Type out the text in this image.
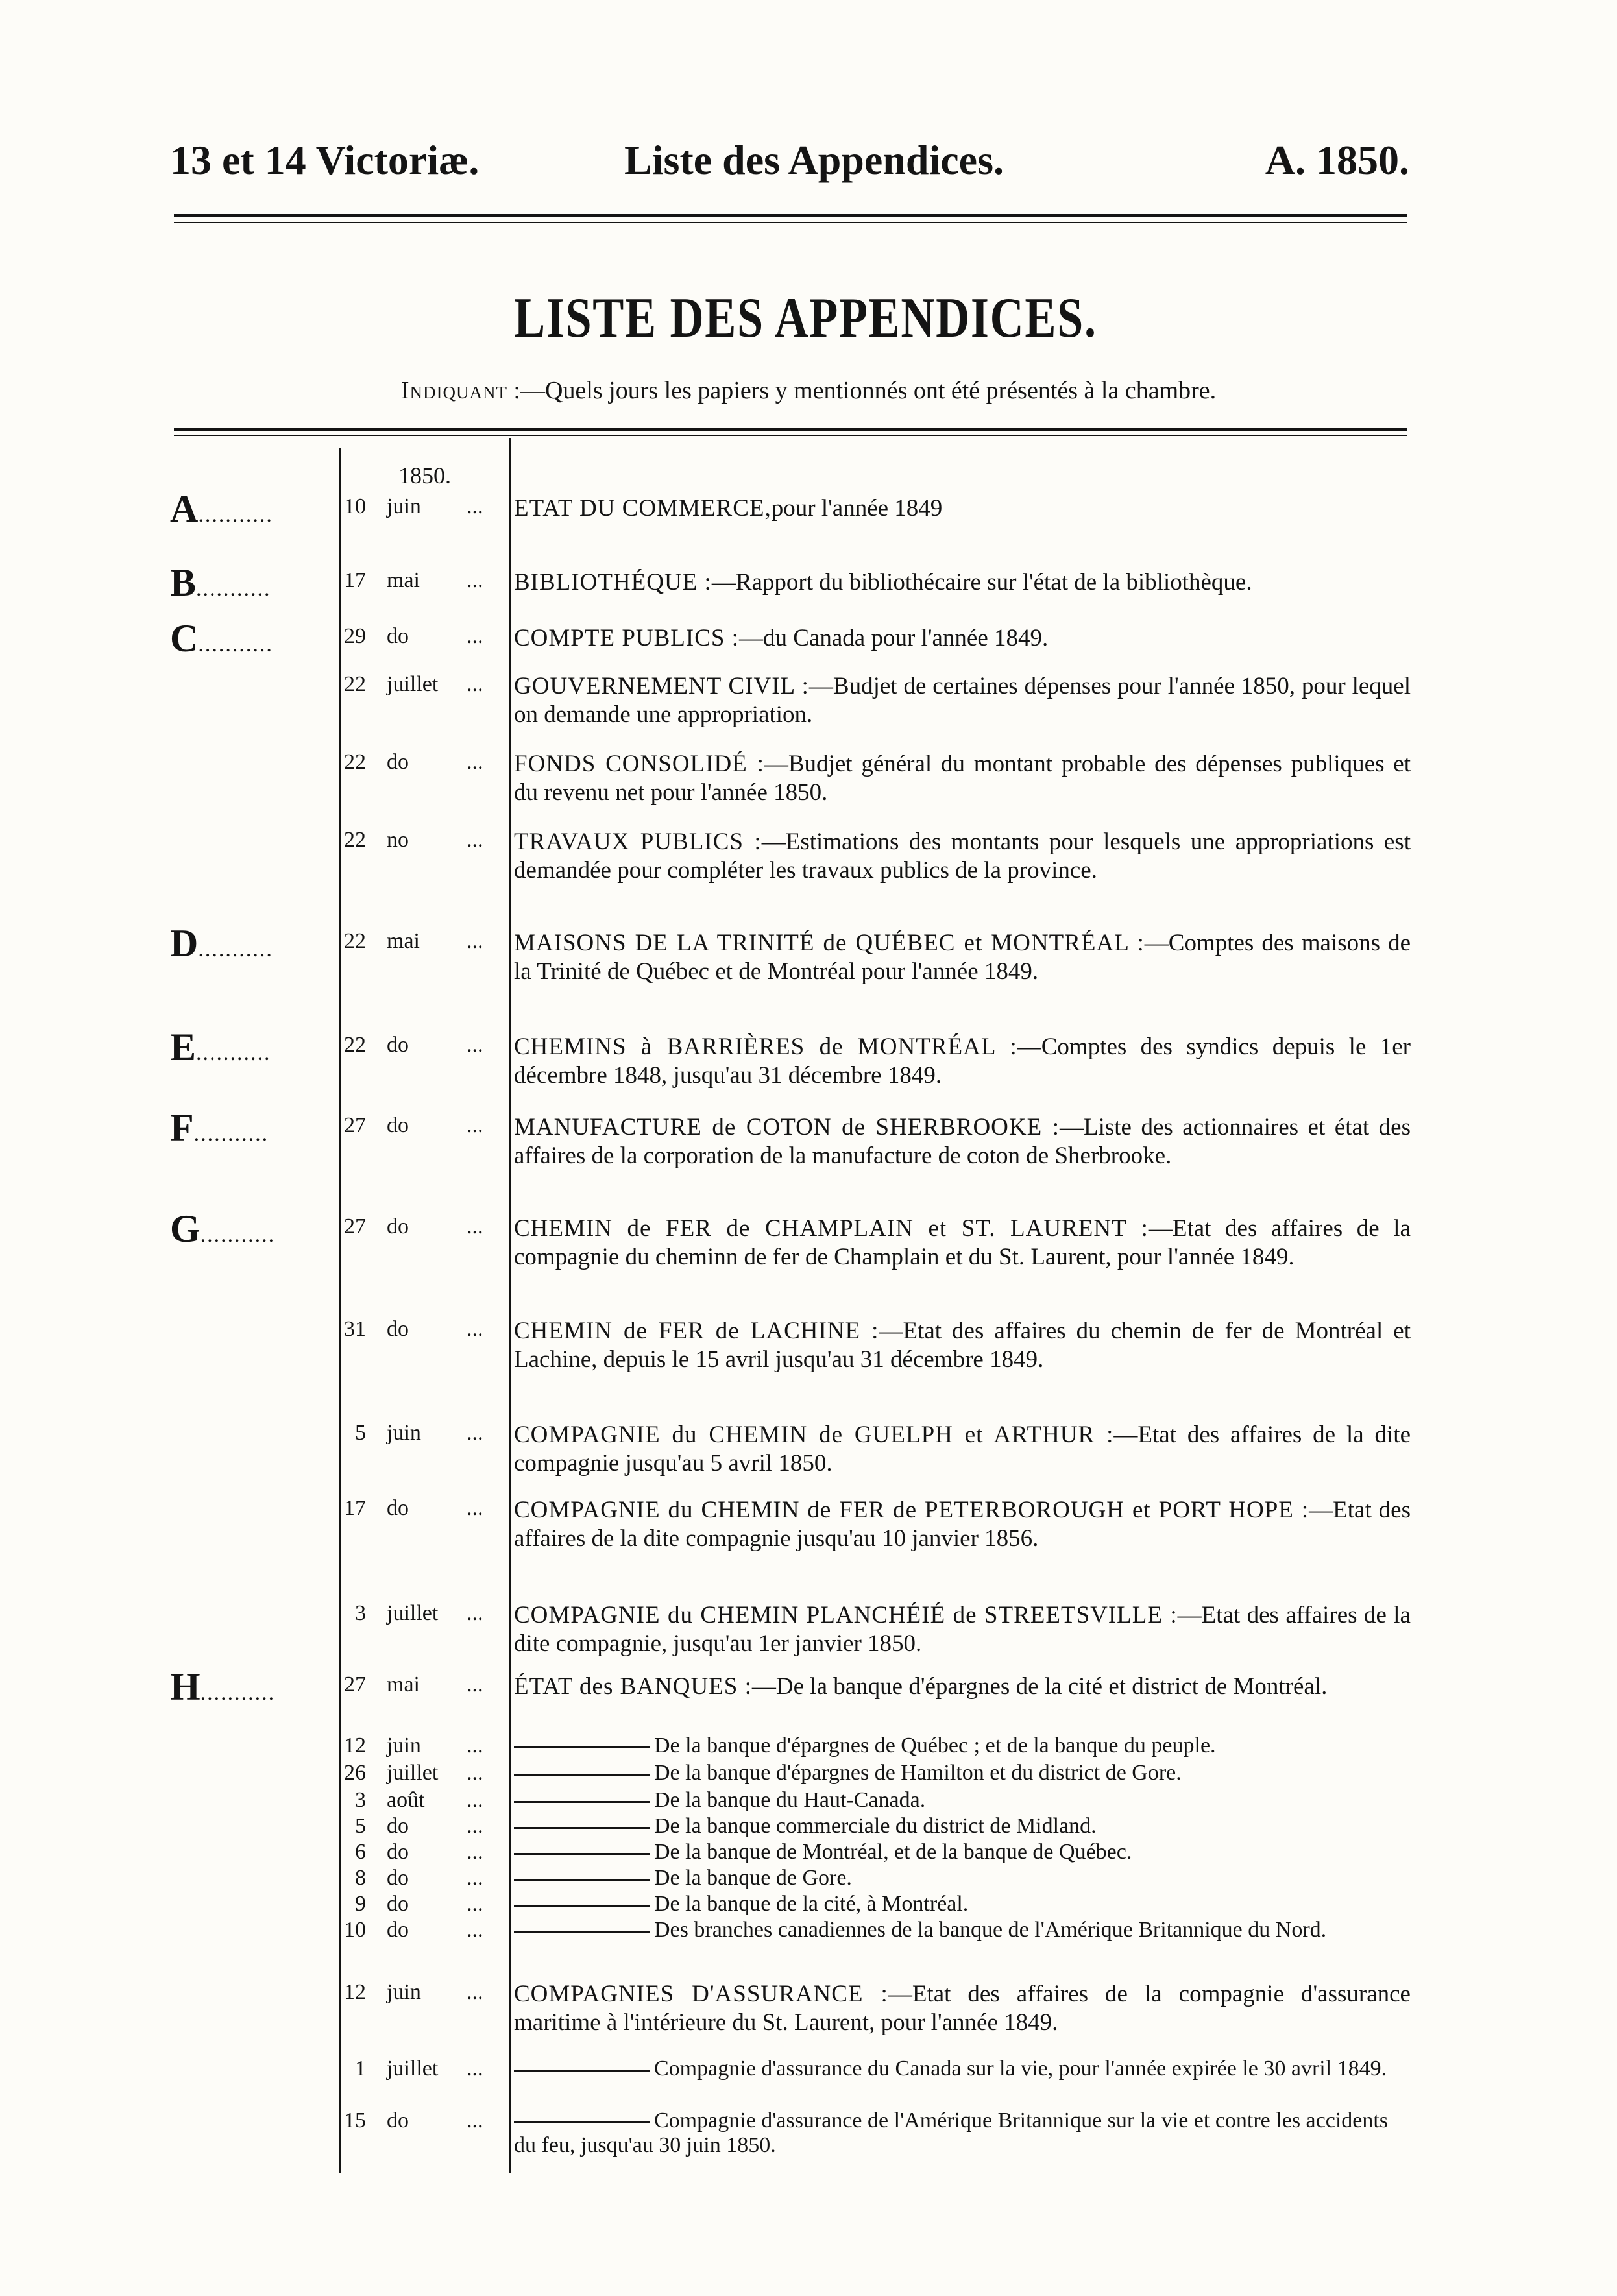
13 et 14 Victoriæ.	Liste des Appendices.	A. 1850.
LISTE DES APPENDICES.
Indiquant :—Quels jours les papiers y mentionnés ont été présentés à la chambre.
1850.
A...........	10 juin ... ETAT DU COMMERCE,pour l'année 1849
B...........	17 mai ... BIBLIOTHÉQUE :—Rapport du bibliothécaire sur l'état de la bibliothèque.
C...........	29 do	... COMPTE PUBLICS :—du Canada pour l'année 1849.
22 juillet ... GOUVERNEMENT CIVIL :—Budjet de certaines dépenses pour l'année 1850, pour lequel on demande une appropriation.
22 do	... FONDS CONSOLIDÉ :—Budjet général du montant probable des dépenses publiques et du revenu net pour l'année 1850.
22 no	... TRAVAUX PUBLICS :—Estimations des montants pour lesquels une appropriations est demandée pour compléter les travaux publics de la province.
D...........	22 mai ... MAISONS DE LA TRINITÉ de QUÉBEC et MONTRÉAL :—Comptes des maisons de la Trinité de Québec et de Montréal pour l'année 1849.
E...........	22 do	... CHEMINS à BARRIÈRES de MONTRÉAL :—Comptes des syndics depuis le 1er décembre 1848, jusqu'au 31 décembre 1849.
F...........	27 do	... MANUFACTURE de COTON de SHERBROOKE :—Liste des actionnaires et état des affaires de la corporation de la manufacture de coton de Sherbrooke.
G...........	27 do	... CHEMIN de FER de CHAMPLAIN et ST. LAURENT :—Etat des affaires de la compagnie du cheminn de fer de Champlain et du St. Laurent, pour l'année 1849.
31 do	... CHEMIN de FER de LACHINE :—Etat des affaires du chemin de fer de Montréal et Lachine, depuis le 15 avril jusqu'au 31 décembre 1849.
5 juin ... COMPAGNIE du CHEMIN de GUELPH et ARTHUR :—Etat des affaires de la dite compagnie jusqu'au 5 avril 1850.
17 do	... COMPAGNIE du CHEMIN de FER de PETERBOROUGH et PORT HOPE :—Etat des affaires de la dite compagnie jusqu'au 10 janvier 1856.
3 juillet ... COMPAGNIE du CHEMIN PLANCHÉIÉ de STREETSVILLE :—Etat des affaires de la dite compagnie, jusqu'au 1er janvier 1850.
H...........	27 mai ... ÉTAT des BANQUES :—De la banque d'épargnes de la cité et district de Montréal.
12 juin ...	De la banque d'épargnes de Québec ; et de la banque du peuple.
26 juillet ...	De la banque d'épargnes de Hamilton et du district de Gore.
3 août ...	De la banque du Haut-Canada.
5 do	...	De la banque commerciale du district de Midland.
6 do	...	De la banque de Montréal, et de la banque de Québec.
8 do	...	De la banque de Gore.
9 do	...	De la banque de la cité, à Montréal.
10 do	...	Des branches canadiennes de la banque de l'Amérique Britannique du Nord.
12 juin ... COMPAGNIES D'ASSURANCE :—Etat des affaires de la compagnie d'assurance maritime à l'intérieure du St. Laurent, pour l'année 1849.
1 juillet ...	Compagnie d'assurance du Canada sur la vie, pour l'année expirée le 30 avril 1849.
15 do	...	Compagnie d'assurance de l'Amérique Britannique sur la vie et contre les accidents du feu, jusqu'au 30 juin 1850.
